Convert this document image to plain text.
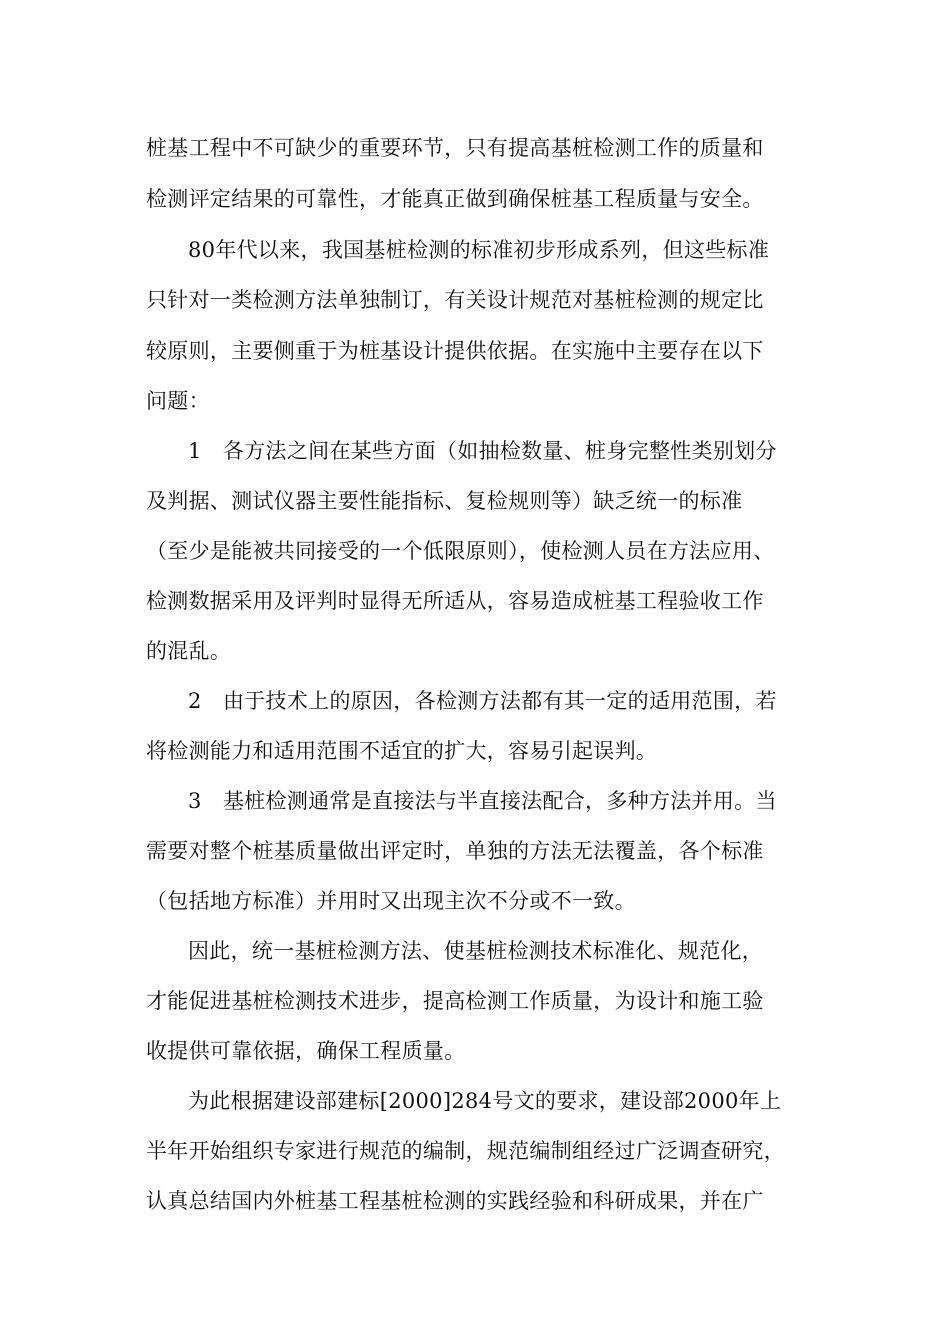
桩基工程中不可缺少的重要环节，只有提高基桩检测工作的质量和

检测评定结果的可靠性，才能真正做到确保桩基工程质量与安全。

80年代以来，我国基桩检测的标准初步形成系列，但这些标准

只针对一类检测方法单独制订，有关设计规范对基桩检测的规定比

较原则，主要侧重于为桩基设计提供依据。在实施中主要存在以下

问题：

1　各方法之间在某些方面（如抽检数量、桩身完整性类别划分

及判据、测试仪器主要性能指标、复检规则等）缺乏统一的标准

（至少是能被共同接受的一个低限原则），使检测人员在方法应用、

检测数据采用及评判时显得无所适从，容易造成桩基工程验收工作

的混乱。

2　由于技术上的原因，各检测方法都有其一定的适用范围，若

将检测能力和适用范围不适宜的扩大，容易引起误判。

3　基桩检测通常是直接法与半直接法配合，多种方法并用。当

需要对整个桩基质量做出评定时，单独的方法无法覆盖，各个标准

（包括地方标准）并用时又出现主次不分或不一致。

因此，统一基桩检测方法、使基桩检测技术标准化、规范化，

才能促进基桩检测技术进步，提高检测工作质量，为设计和施工验

收提供可靠依据，确保工程质量。

为此根据建设部建标[2000]284号文的要求，建设部2000年上

半年开始组织专家进行规范的编制，规范编制组经过广泛调查研究，

认真总结国内外桩基工程基桩检测的实践经验和科研成果，并在广
